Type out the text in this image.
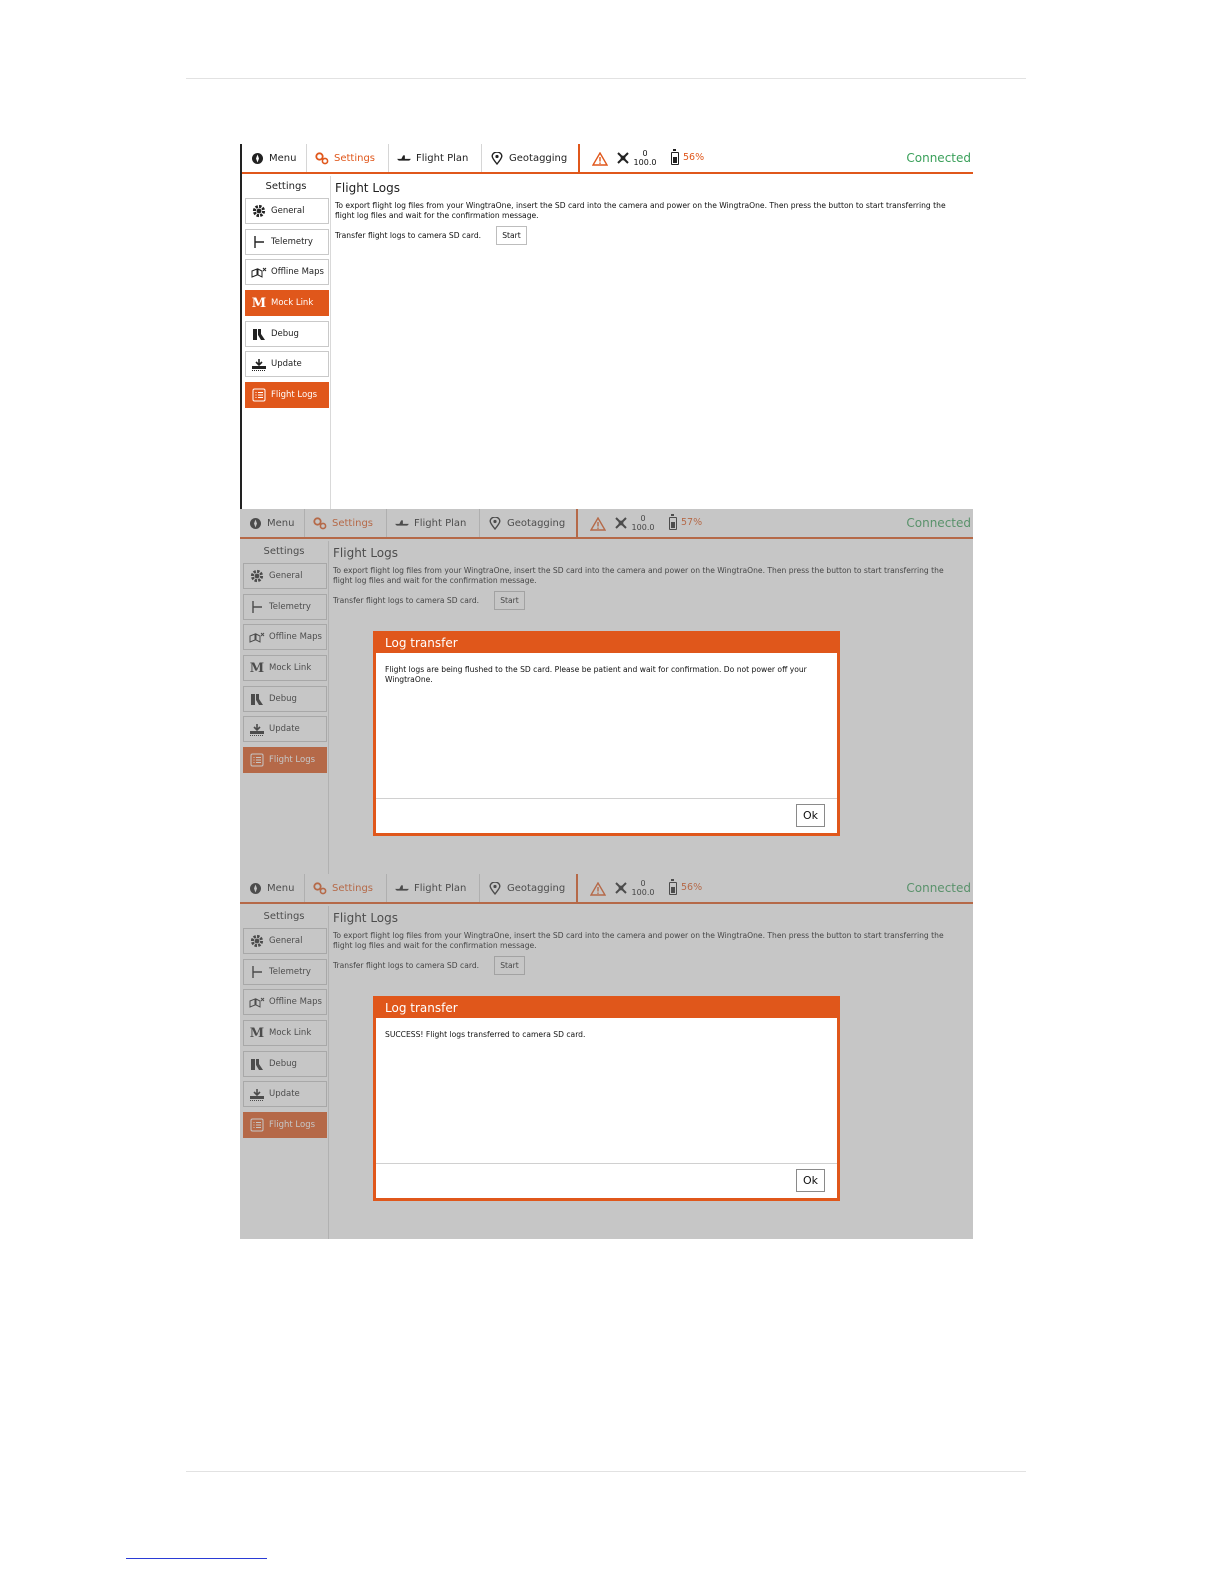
Menu	Settings	Flight Plan	Geotagging	0
100.0	56%	Connected
Settings
General
Telemetry
Offline Maps
M Mock Link
Debug
Update
Flight Logs
Flight Logs
To export flight log files from your WingtraOne, insert the SD card into the camera and power on the WingtraOne. Then press the button to start transferring the flight log files and wait for the confirmation message.
Transfer flight logs to camera SD card.	Start
Menu	Settings	Flight Plan	Geotagging	0
100.0	57%	Connected
Settings
General
Telemetry
Offline Maps
M Mock Link
Debug
Update
Flight Logs
Flight Logs
To export flight log files from your WingtraOne, insert the SD card into the camera and power on the WingtraOne. Then press the button to start transferring the flight log files and wait for the confirmation message.
Transfer flight logs to camera SD card.	Start
Log transfer
Flight logs are being flushed to the SD card. Please be patient and wait for confirmation. Do not power off your WingtraOne.
Ok
Menu	Settings	Flight Plan	Geotagging	0
100.0	56%	Connected
Settings
General
Telemetry
Offline Maps
M Mock Link
Debug
Update
Flight Logs
Flight Logs
To export flight log files from your WingtraOne, insert the SD card into the camera and power on the WingtraOne. Then press the button to start transferring the flight log files and wait for the confirmation message.
Transfer flight logs to camera SD card.	Start
Log transfer
SUCCESS! Flight logs transferred to camera SD card.
Ok
